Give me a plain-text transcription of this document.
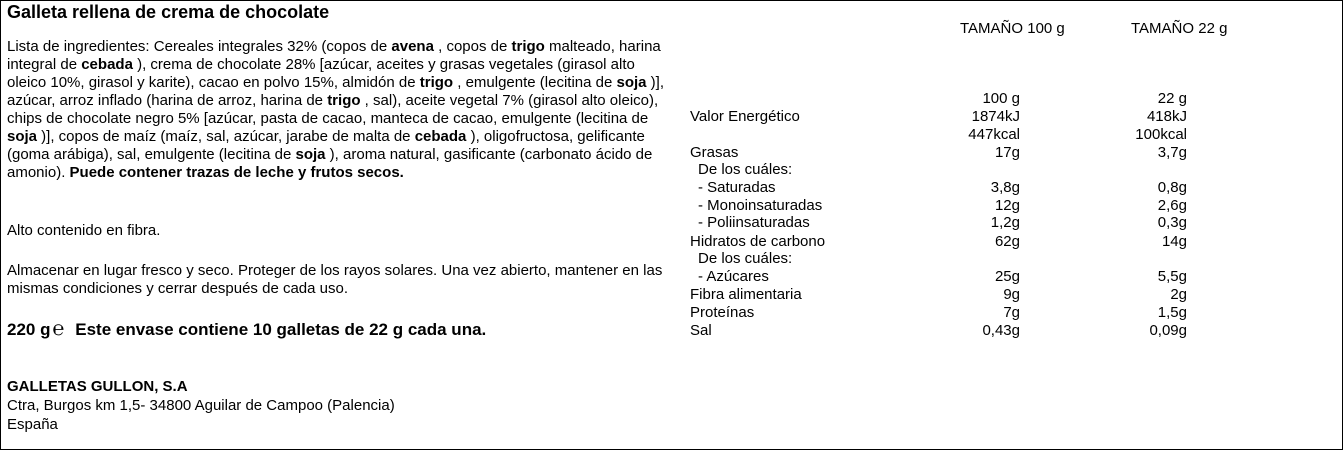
Galleta rellena de crema de chocolate
Lista de ingredientes: Cereales integrales 32% (copos de avena , copos de trigo malteado, harina integral de cebada ), crema de chocolate 28% [azúcar, aceites y grasas vegetales (girasol alto oleico 10%, girasol y karite), cacao en polvo 15%, almidón de trigo , emulgente (lecitina de soja )], azúcar, arroz inflado (harina de arroz, harina de trigo , sal), aceite vegetal 7% (girasol alto oleico), chips de chocolate negro 5% [azúcar, pasta de cacao, manteca de cacao, emulgente (lecitina de soja )], copos de maíz (maíz, sal, azúcar, jarabe de malta de cebada ), oligofructosa, gelificante (goma arábiga), sal, emulgente (lecitina de soja ), aroma natural, gasificante (carbonato ácido de amonio). Puede contener trazas de leche y frutos secos.
Alto contenido en fibra.
Almacenar en lugar fresco y seco. Proteger de los rayos solares. Una vez abierto, mantener en las mismas condiciones y cerrar después de cada uso.
220 g ℮ Este envase contiene 10 galletas de 22 g cada una.
GALLETAS GULLON, S.A
Ctra, Burgos km 1,5- 34800 Aguilar de Campoo (Palencia)
España
TAMAÑO 100 g	TAMAÑO 22 g
100 g	22 g
Valor Energético	1874kJ	418kJ
447kcal	100kcal
Grasas	17g	3,7g
De los cuáles:
- Saturadas	3,8g	0,8g
- Monoinsaturadas	12g	2,6g
- Poliinsaturadas	1,2g	0,3g
Hidratos de carbono	62g	14g
De los cuáles:
- Azúcares	25g	5,5g
Fibra alimentaria	9g	2g
Proteínas	7g	1,5g
Sal	0,43g	0,09g
